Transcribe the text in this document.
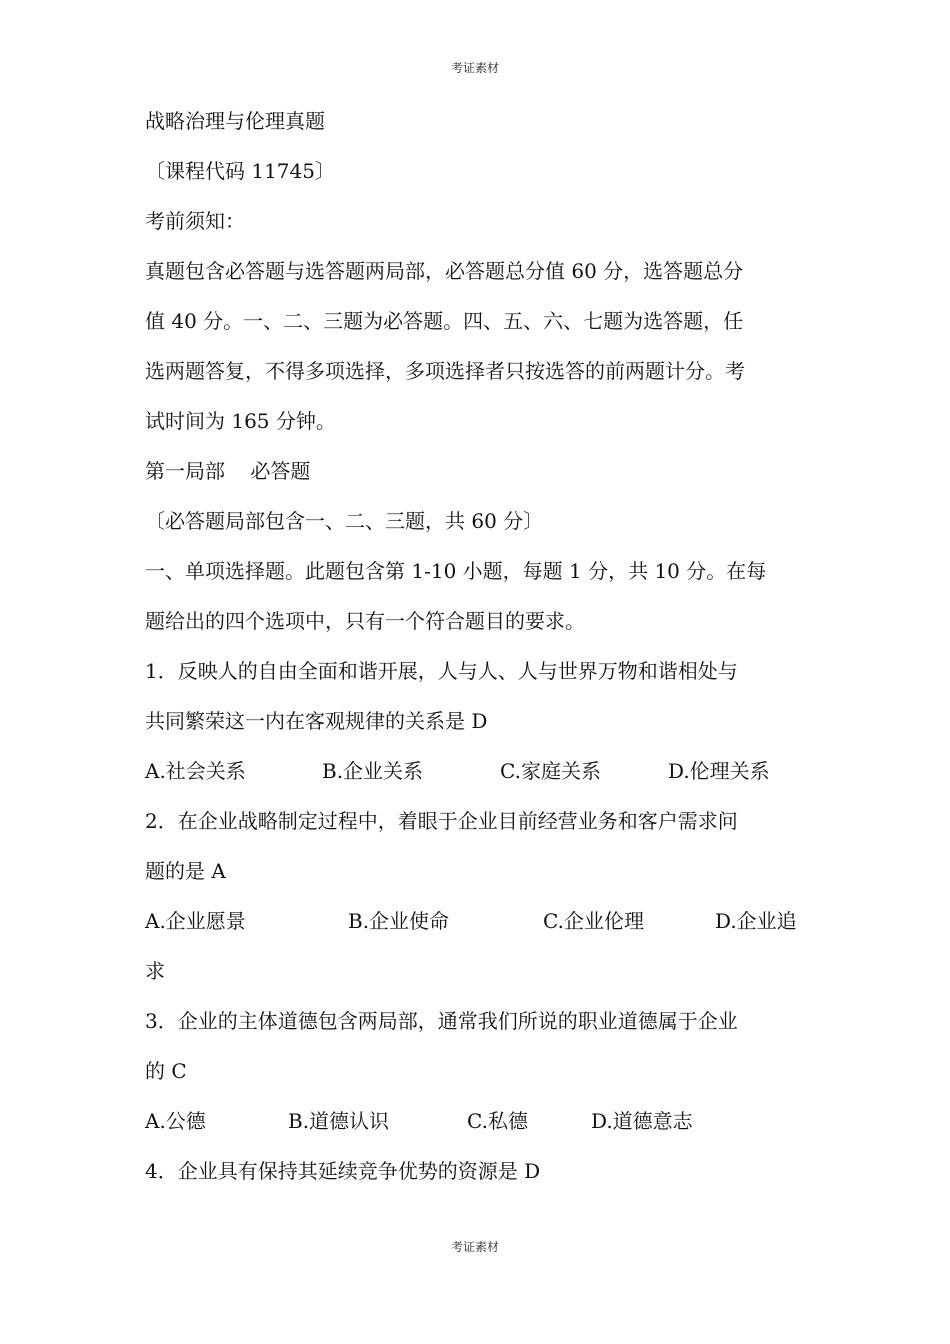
考证素材
战略治理与伦理真题
〔课程代码 11745〕
考前须知：
真题包含必答题与选答题两局部，必答题总分值 60 分，选答题总分
值 40 分。一、二、三题为必答题。四、五、六、七题为选答题，任
选两题答复，不得多项选择，多项选择者只按选答的前两题计分。考
试时间为 165 分钟。
第一局部    必答题
〔必答题局部包含一、二、三题，共 60 分〕
一、单项选择题。此题包含第 1-10 小题，每题 1 分，共 10 分。在每
题给出的四个选项中，只有一个符合题目的要求。
1．反映人的自由全面和谐开展，人与人、人与世界万物和谐相处与
共同繁荣这一内在客观规律的关系是 D
A.社会关系	B.企业关系	C.家庭关系	D.伦理关系
2．在企业战略制定过程中，着眼于企业目前经营业务和客户需求问
题的是 A
A.企业愿景	B.企业使命	C.企业伦理	D.企业追
求
3．企业的主体道德包含两局部，通常我们所说的职业道德属于企业
的 C
A.公德	B.道德认识	C.私德	D.道德意志
4．企业具有保持其延续竞争优势的资源是 D
考证素材
